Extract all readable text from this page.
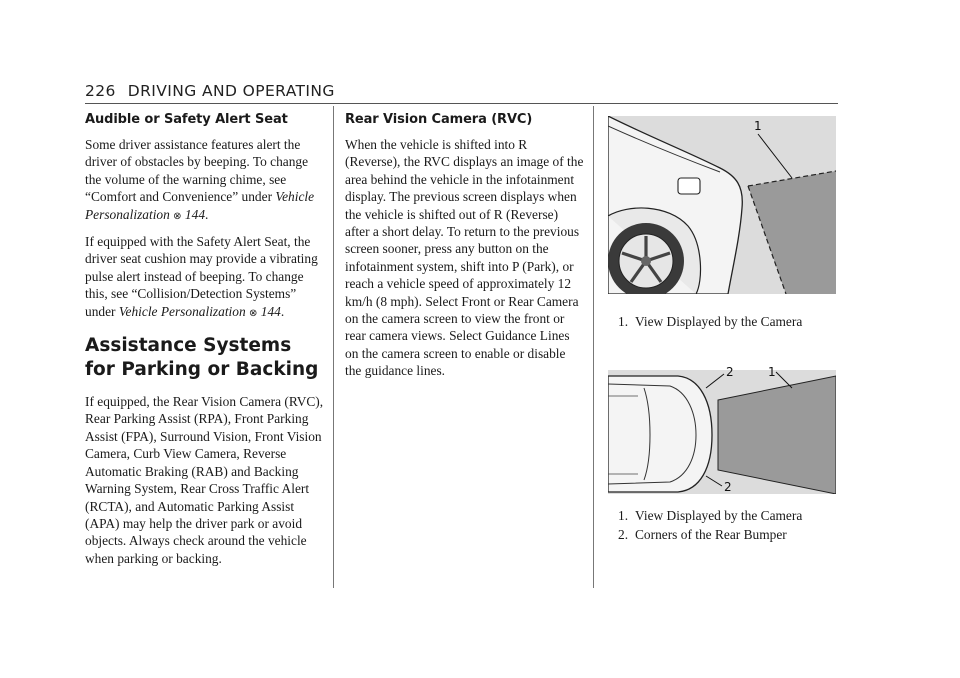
226 DRIVING AND OPERATING
Audible or Safety Alert Seat

Some driver assistance features alert the driver of obstacles by beeping. To change the volume of the warning chime, see “Comfort and Convenience” under Vehicle Personalization ⊗ 144.

If equipped with the Safety Alert Seat, the driver seat cushion may provide a vibrating pulse alert instead of beeping. To change this, see “Collision/Detection Systems” under Vehicle Personalization ⊗ 144.

Assistance Systems for Parking or Backing

If equipped, the Rear Vision Camera (RVC), Rear Parking Assist (RPA), Front Parking Assist (FPA), Surround Vision, Front Vision Camera, Curb View Camera, Reverse Automatic Braking (RAB) and Backing Warning System, Rear Cross Traffic Alert (RCTA), and Automatic Parking Assist (APA) may help the driver park or avoid objects. Always check around the vehicle when parking or backing.

Rear Vision Camera (RVC)

When the vehicle is shifted into R (Reverse), the RVC displays an image of the area behind the vehicle in the infotainment display. The previous screen displays when the vehicle is shifted out of R (Reverse) after a short delay. To return to the previous screen sooner, press any button on the infotainment system, shift into P (Park), or reach a vehicle speed of approximately 12 km/h (8 mph). Select Front or Rear Camera on the camera screen to view the front or rear camera views. Select Guidance Lines on the camera screen to enable or disable the guidance lines.

1
1. View Displayed by the Camera
2	1
2
1. View Displayed by the Camera
2. Corners of the Rear Bumper
